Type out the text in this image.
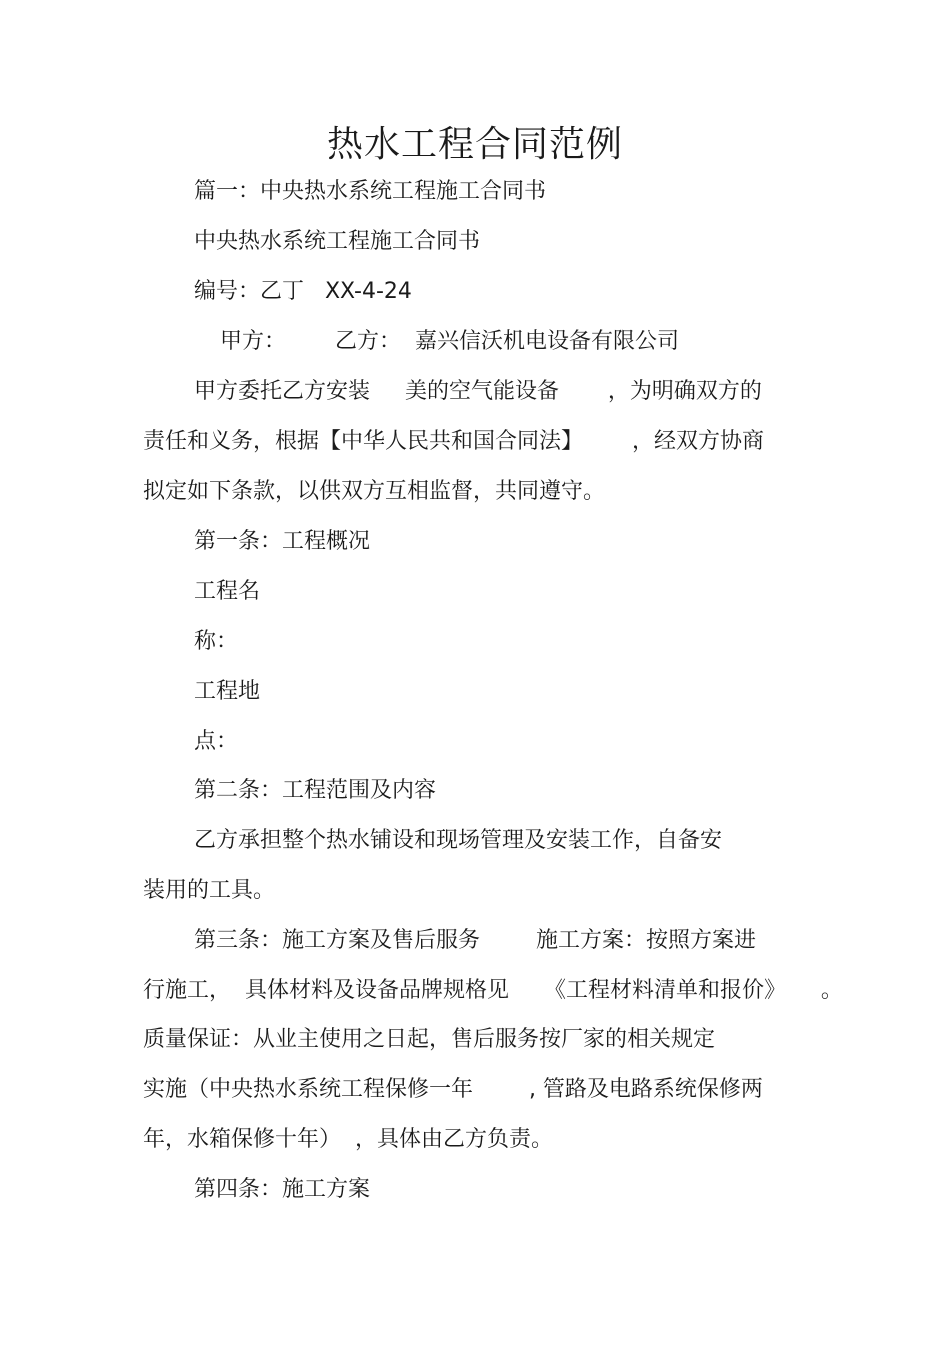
热水工程合同范例
篇一：中央热水系统工程施工合同书
中央热水系统工程施工合同书
编号：乙丁   XX-4-24
甲方：       乙方：  嘉兴信沃机电设备有限公司
甲方委托乙方安装     美的空气能设备       ，为明确双方的
责任和义务，根据【中华人民共和国合同法】       ，经双方协商
拟定如下条款，以供双方互相监督，共同遵守。
第一条：工程概况
工程名
称：
工程地
点：
第二条：工程范围及内容
乙方承担整个热水铺设和现场管理及安装工作，自备安
装用的工具。
第三条：施工方案及售后服务        施工方案：按照方案进
行施工，  具体材料及设备品牌规格见     《工程材料清单和报价》     。
质量保证：从业主使用之日起，售后服务按厂家的相关规定
实施（中央热水系统工程保修一年        , 管路及电路系统保修两
年，水箱保修十年）  ，具体由乙方负责。
第四条：施工方案
